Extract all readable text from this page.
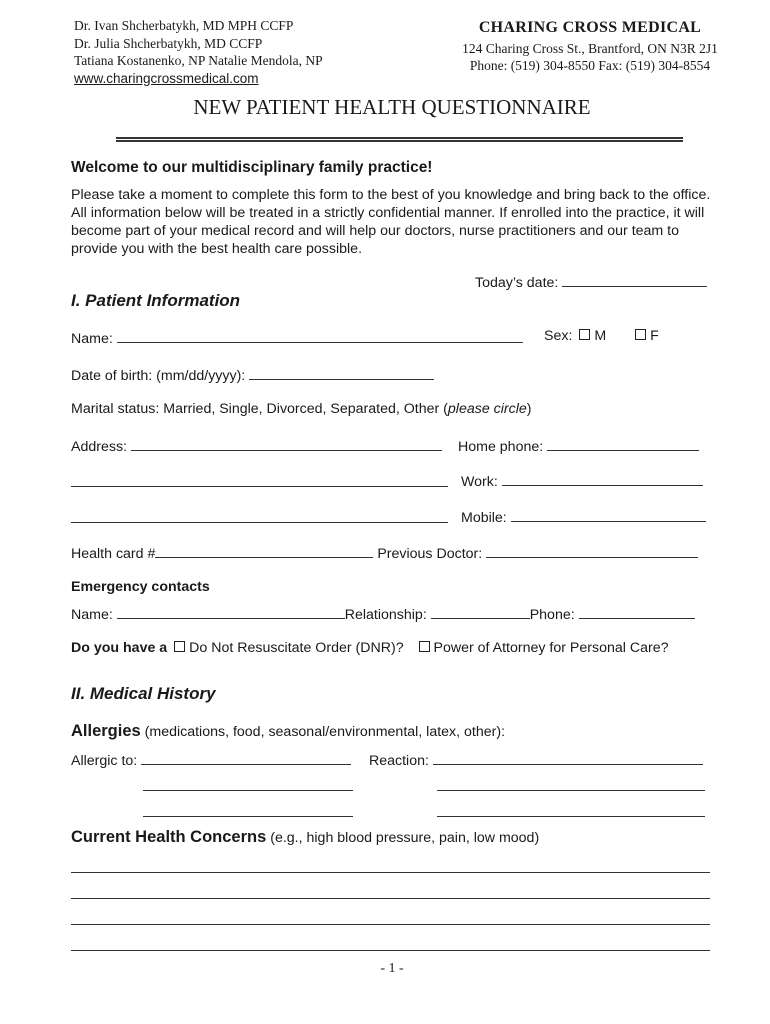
Dr. Ivan Shcherbatykh, MD MPH CCFP
Dr. Julia Shcherbatykh, MD CCFP
Tatiana Kostanenko, NP Natalie Mendola, NP
www.charingcrossmedical.com
CHARING CROSS MEDICAL
124 Charing Cross St., Brantford, ON N3R 2J1
Phone: (519) 304-8550 Fax: (519) 304-8554
NEW PATIENT HEALTH QUESTIONNAIRE
Welcome to our multidisciplinary family practice!
Please take a moment to complete this form to the best of you knowledge and bring back to the office. All information below will be treated in a strictly confidential manner. If enrolled into the practice, it will become part of your medical record and will help our doctors, nurse practitioners and our team to provide you with the best health care possible.
Today’s date:
I. Patient Information
Name:	Sex: M	F
Date of birth: (mm/dd/yyyy):
Marital status: Married, Single, Divorced, Separated, Other (please circle)
Address:	Home phone:
Work:
Mobile:
Health card #	Previous Doctor:
Emergency contacts
Name:	Relationship:	Phone:
Do you have a Do Not Resuscitate Order (DNR)? Power of Attorney for Personal Care?
II. Medical History
Allergies (medications, food, seasonal/environmental, latex, other):
Allergic to:	Reaction:
Current Health Concerns (e.g., high blood pressure, pain, low mood)
- 1 -
